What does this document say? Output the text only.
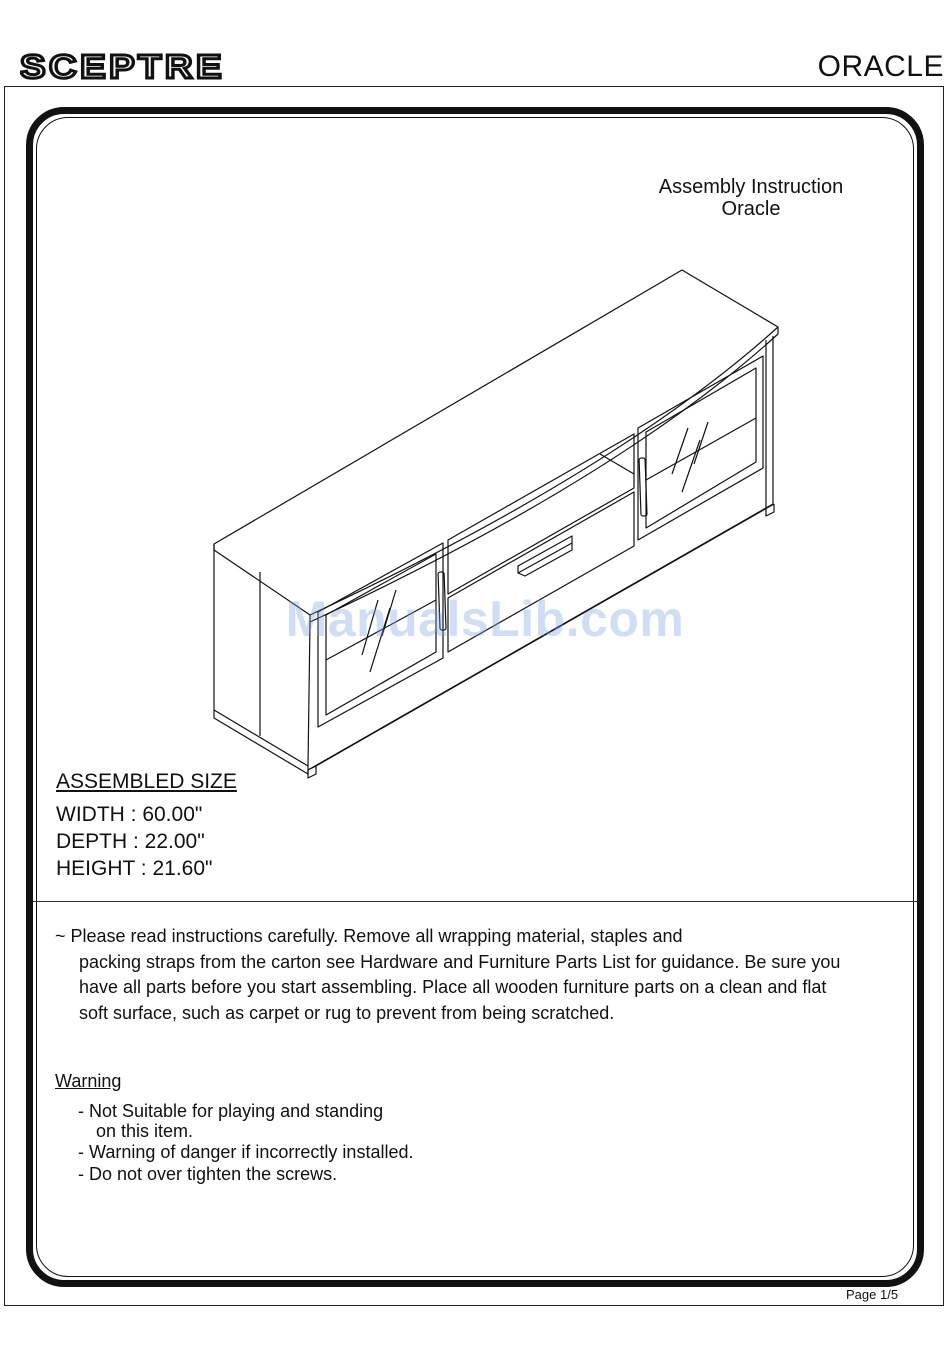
SCEPTRE	ORACLE
Assembly Instruction
Oracle
ManualsLib.com
ASSEMBLED SIZE
WIDTH : 60.00"
DEPTH : 22.00"
HEIGHT : 21.60"
~ Please read instructions carefully. Remove all wrapping material, staples and
packing straps from the carton see Hardware and Furniture Parts List for guidance. Be sure you have all parts before you start assembling. Place all wooden furniture parts on a clean and flat soft surface, such as carpet or rug to prevent from being scratched.
Warning
- Not Suitable for playing and standing
on this item.
- Warning of danger if incorrectly installed.
- Do not over tighten the screws.
Page 1/5
